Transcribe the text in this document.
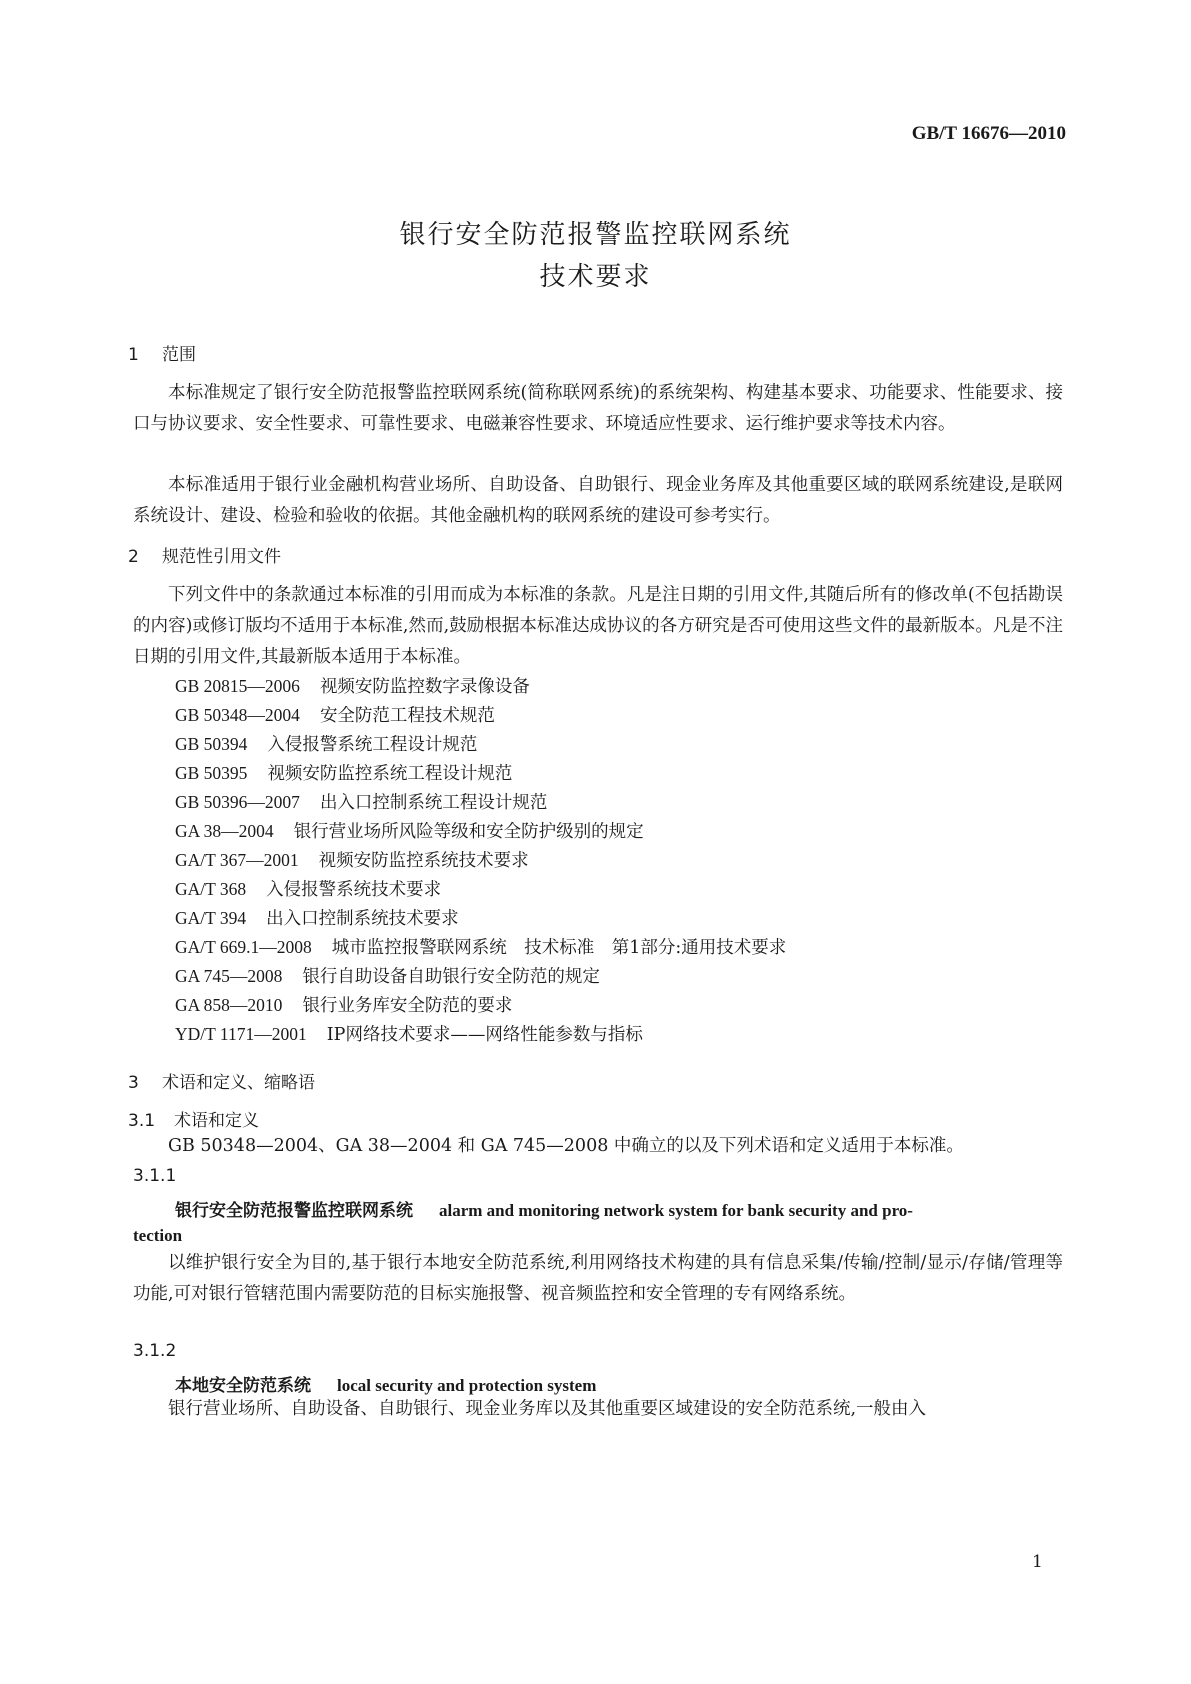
GB/T 16676—2010
银行安全防范报警监控联网系统
技术要求
1 范围
本标准规定了银行安全防范报警监控联网系统(简称联网系统)的系统架构、构建基本要求、功能要求、性能要求、接口与协议要求、安全性要求、可靠性要求、电磁兼容性要求、环境适应性要求、运行维护要求等技术内容。
本标准适用于银行业金融机构营业场所、自助设备、自助银行、现金业务库及其他重要区域的联网系统建设,是联网系统设计、建设、检验和验收的依据。其他金融机构的联网系统的建设可参考实行。
2 规范性引用文件
下列文件中的条款通过本标准的引用而成为本标准的条款。凡是注日期的引用文件,其随后所有的修改单(不包括勘误的内容)或修订版均不适用于本标准,然而,鼓励根据本标准达成协议的各方研究是否可使用这些文件的最新版本。凡是不注日期的引用文件,其最新版本适用于本标准。
GB 20815—2006 视频安防监控数字录像设备
GB 50348—2004 安全防范工程技术规范
GB 50394 入侵报警系统工程设计规范
GB 50395 视频安防监控系统工程设计规范
GB 50396—2007 出入口控制系统工程设计规范
GA 38—2004 银行营业场所风险等级和安全防护级别的规定
GA/T 367—2001 视频安防监控系统技术要求
GA/T 368 入侵报警系统技术要求
GA/T 394 出入口控制系统技术要求
GA/T 669.1—2008 城市监控报警联网系统　技术标准　第1部分:通用技术要求
GA 745—2008 银行自助设备自助银行安全防范的规定
GA 858—2010 银行业务库安全防范的要求
YD/T 1171—2001 IP网络技术要求——网络性能参数与指标
3 术语和定义、缩略语
3.1 术语和定义
GB 50348—2004、GA 38—2004 和 GA 745—2008 中确立的以及下列术语和定义适用于本标准。
3.1.1
银行安全防范报警监控联网系统 alarm and monitoring network system for bank security and pro-
tection
以维护银行安全为目的,基于银行本地安全防范系统,利用网络技术构建的具有信息采集/传输/控制/显示/存储/管理等功能,可对银行管辖范围内需要防范的目标实施报警、视音频监控和安全管理的专有网络系统。
3.1.2
本地安全防范系统 local security and protection system
银行营业场所、自助设备、自助银行、现金业务库以及其他重要区域建设的安全防范系统,一般由入
1
